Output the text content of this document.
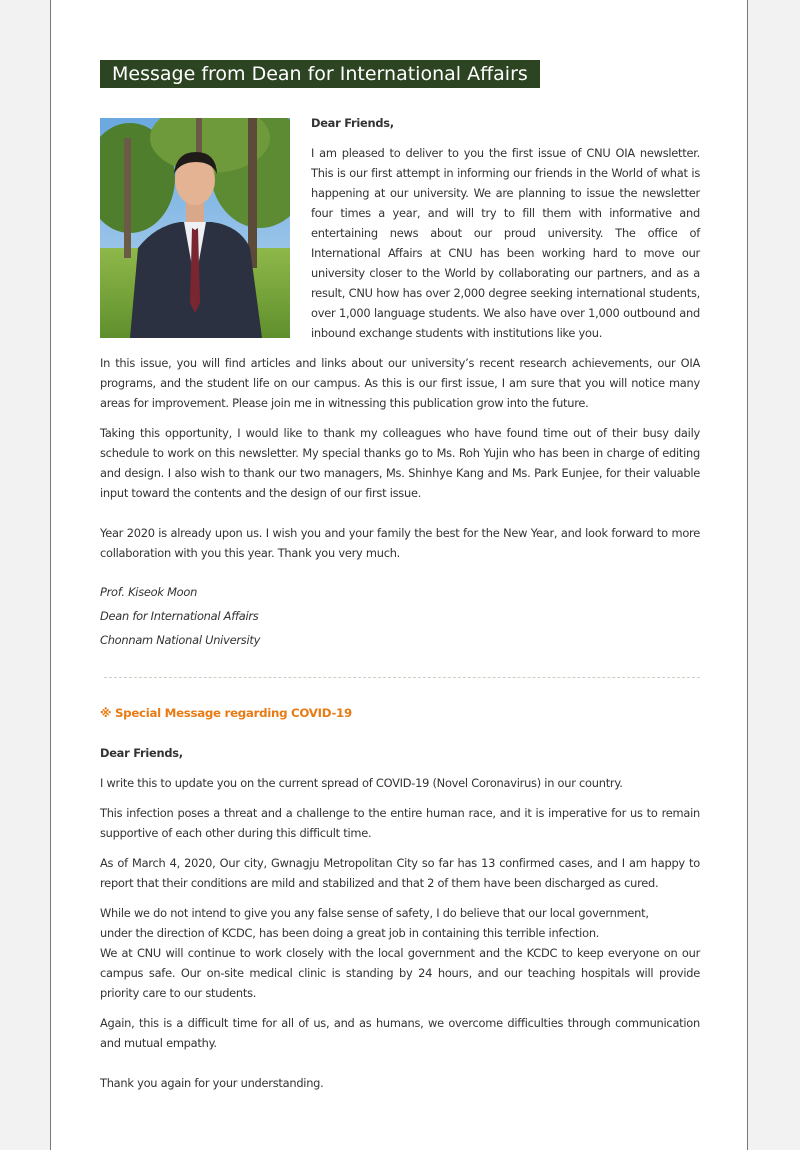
Message from Dean for International Affairs
Dear Friends,
I am pleased to deliver to you the first issue of CNU OIA newsletter. This is our first attempt in informing our friends in the World of what is happening at our university. We are planning to issue the newsletter four times a year, and will try to fill them with informative and entertaining news about our proud university. The office of International Affairs at CNU has been working hard to move our university closer to the World by collaborating our partners, and as a result, CNU how has over 2,000 degree seeking international students, over 1,000 language students. We also have over 1,000 outbound and inbound exchange students with institutions like you.
In this issue, you will find articles and links about our university’s recent research achievements, our OIA programs, and the student life on our campus. As this is our first issue, I am sure that you will notice many areas for improvement. Please join me in witnessing this publication grow into the future.
Taking this opportunity, I would like to thank my colleagues who have found time out of their busy daily schedule to work on this newsletter. My special thanks go to Ms. Roh Yujin who has been in charge of editing and design. I also wish to thank our two managers, Ms. Shinhye Kang and Ms. Park Eunjee, for their valuable input toward the contents and the design of our first issue.
Year 2020 is already upon us. I wish you and your family the best for the New Year, and look forward to more collaboration with you this year. Thank you very much.
Prof. Kiseok Moon
Dean for International Affairs
Chonnam National University
※ Special Message regarding COVID-19
Dear Friends,
I write this to update you on the current spread of COVID-19 (Novel Coronavirus) in our country.
This infection poses a threat and a challenge to the entire human race, and it is imperative for us to remain supportive of each other during this difficult time.
As of March 4, 2020, Our city, Gwnagju Metropolitan City so far has 13 confirmed cases, and I am happy to report that their conditions are mild and stabilized and that 2 of them have been discharged as cured.
While we do not intend to give you any false sense of safety, I do believe that our local government,
under the direction of KCDC, has been doing a great job in containing this terrible infection.
We at CNU will continue to work closely with the local government and the KCDC to keep everyone on our campus safe. Our on-site medical clinic is standing by 24 hours, and our teaching hospitals will provide priority care to our students.
Again, this is a difficult time for all of us, and as humans, we overcome difficulties through communication and mutual empathy.
Thank you again for your understanding.
